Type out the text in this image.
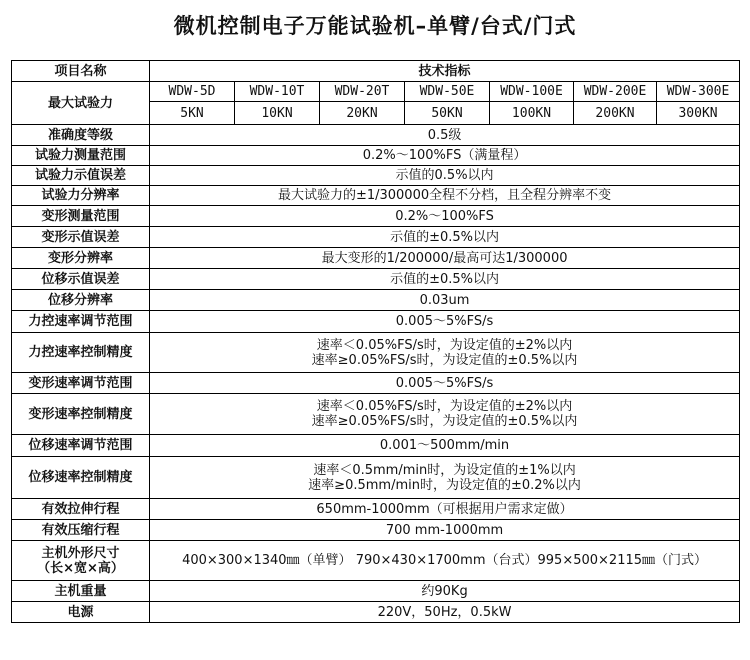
微机控制电子万能试验机–单臂/台式/门式
项目名称	技术指标						
最大试验力	WDW-5D	WDW-10T	WDW-20T	WDW-50E	WDW-100E	WDW-200E	WDW-300E
	5KN	10KN	20KN	50KN	100KN	200KN	300KN
准确度等级	0.5级						
试验力测量范围	0.2%～100%FS（满量程）						
试验力示值误差	示值的0.5%以内						
试验力分辨率	最大试验力的±1/300000全程不分档，且全程分辨率不变						
变形测量范围	0.2%～100%FS						
变形示值误差	示值的±0.5%以内						
变形分辨率	最大变形的1/200000/最高可达1/300000						
位移示值误差	示值的±0.5%以内						
位移分辨率	0.03um						
力控速率调节范围	0.005～5%FS/s						
力控速率控制精度	速率＜0.05%FS/s时，为设定值的±2%以内
速率≥0.05%FS/s时，为设定值的±0.5%以内						

变形速率调节范围	0.005～5%FS/s						
变形速率控制精度	速率＜0.05%FS/s时，为设定值的±2%以内
速率≥0.05%FS/s时，为设定值的±0.5%以内						

位移速率调节范围	0.001～500mm/min						
位移速率控制精度	速率＜0.5mm/min时，为设定值的±1%以内
速率≥0.5mm/min时，为设定值的±0.2%以内						

有效拉伸行程	650mm-1000mm（可根据用户需求定做）						
有效压缩行程	700 mm-1000mm						

主机外形尺寸
（长×宽×高）	400×300×1340㎜（单臂） 790×430×1700mm（台式）995×500×2115㎜（门式）						
主机重量	约90Kg						
电源	220V，50Hz，0.5kW						
